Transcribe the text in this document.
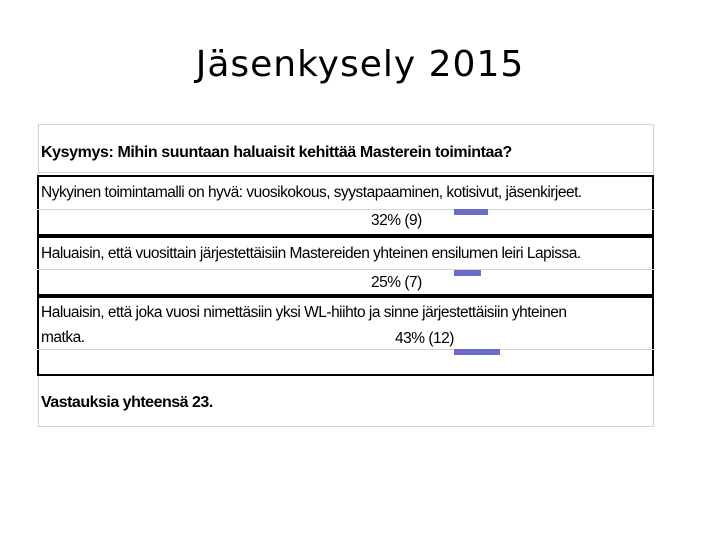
Jäsenkysely 2015
Kysymys: Mihin suuntaan haluaisit kehittää Masterein toimintaa?
Nykyinen toimintamalli on hyvä: vuosikokous, syystapaaminen, kotisivut, jäsenkirjeet.
32% (9)
Haluaisin, että vuosittain järjestettäisiin Mastereiden yhteinen ensilumen leiri Lapissa.
25% (7)
Haluaisin, että joka vuosi nimettäsiin yksi WL-hiihto ja sinne järjestettäisiin yhteinen
matka.	43% (12)
Vastauksia yhteensä 23.
